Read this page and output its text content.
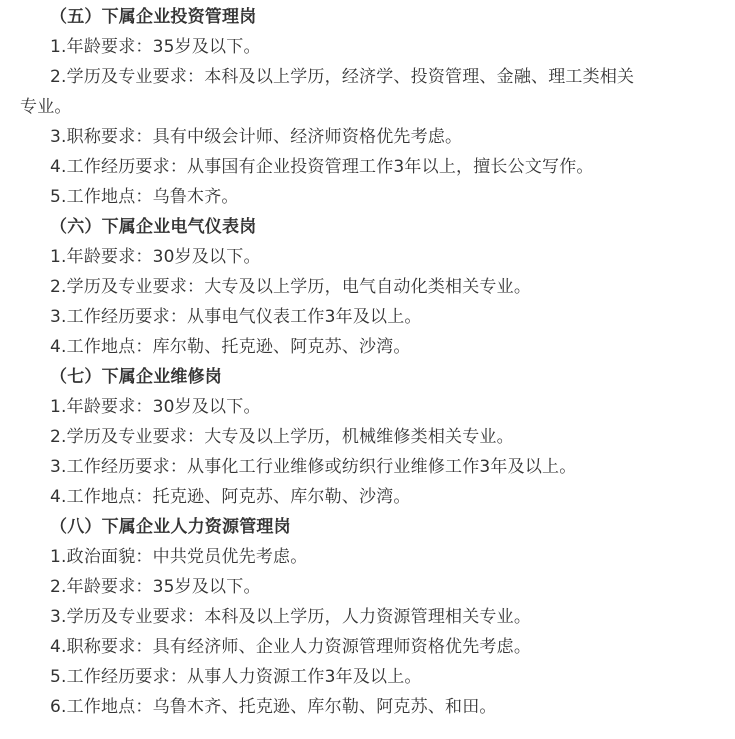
（五）下属企业投资管理岗
1.年龄要求：35岁及以下。
2.学历及专业要求：本科及以上学历，经济学、投资管理、金融、理工类相关
专业。
3.职称要求：具有中级会计师、经济师资格优先考虑。
4.工作经历要求：从事国有企业投资管理工作3年以上，擅长公文写作。
5.工作地点：乌鲁木齐。
（六）下属企业电气仪表岗
1.年龄要求：30岁及以下。
2.学历及专业要求：大专及以上学历，电气自动化类相关专业。
3.工作经历要求：从事电气仪表工作3年及以上。
4.工作地点：库尔勒、托克逊、阿克苏、沙湾。
（七）下属企业维修岗
1.年龄要求：30岁及以下。
2.学历及专业要求：大专及以上学历，机械维修类相关专业。
3.工作经历要求：从事化工行业维修或纺织行业维修工作3年及以上。
4.工作地点：托克逊、阿克苏、库尔勒、沙湾。
（八）下属企业人力资源管理岗
1.政治面貌：中共党员优先考虑。
2.年龄要求：35岁及以下。
3.学历及专业要求：本科及以上学历，人力资源管理相关专业。
4.职称要求：具有经济师、企业人力资源管理师资格优先考虑。
5.工作经历要求：从事人力资源工作3年及以上。
6.工作地点：乌鲁木齐、托克逊、库尔勒、阿克苏、和田。
